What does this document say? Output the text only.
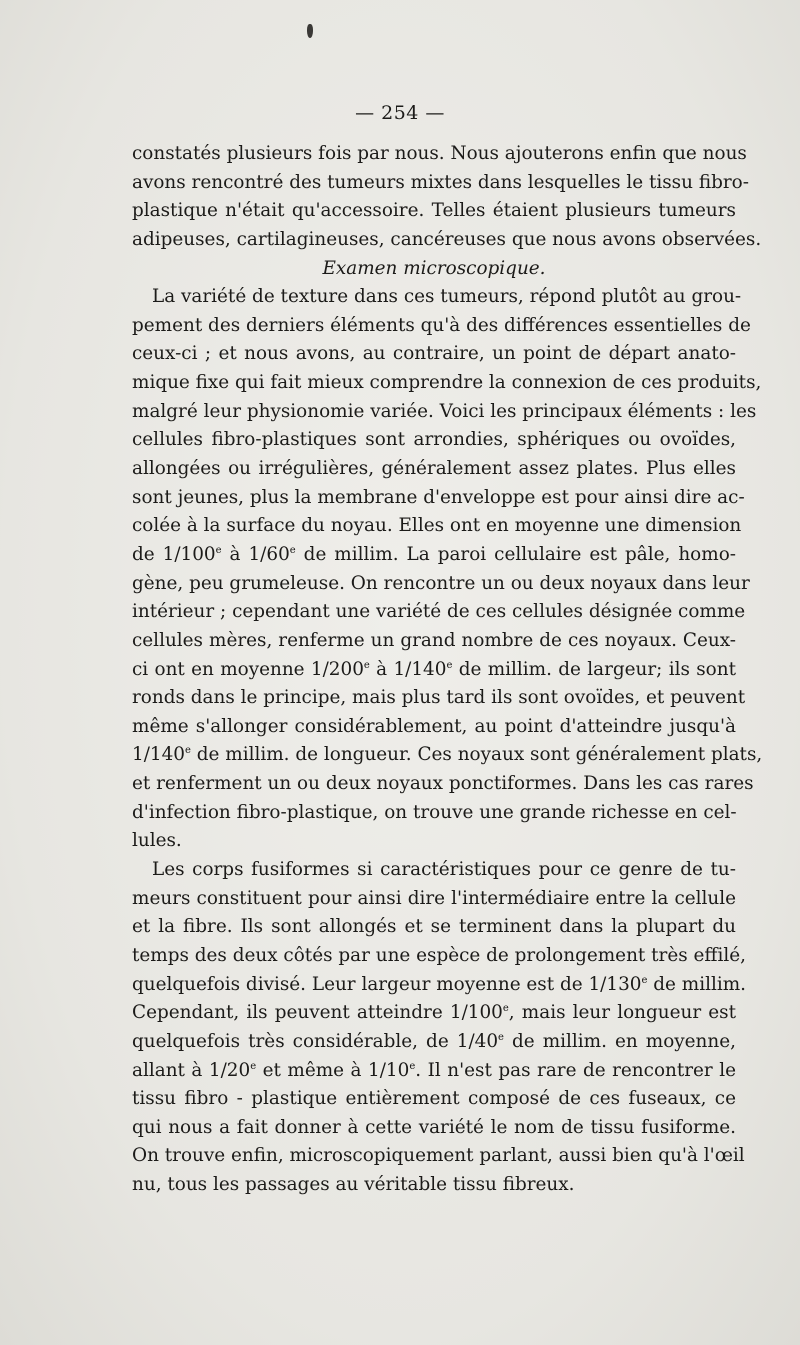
— 254 —
constatés plusieurs fois par nous. Nous ajouterons enfin que nous
avons rencontré des tumeurs mixtes dans lesquelles le tissu fibro-
plastique n'était qu'accessoire. Telles étaient plusieurs tumeurs
adipeuses, cartilagineuses, cancéreuses que nous avons observées.
Examen microscopique.
La variété de texture dans ces tumeurs, répond plutôt au grou-
pement des derniers éléments qu'à des différences essentielles de
ceux-ci ; et nous avons, au contraire, un point de départ anato-
mique fixe qui fait mieux comprendre la connexion de ces produits,
malgré leur physionomie variée. Voici les principaux éléments : les
cellules fibro-plastiques sont arrondies, sphériques ou ovoïdes,
allongées ou irrégulières, généralement assez plates. Plus elles
sont jeunes, plus la membrane d'enveloppe est pour ainsi dire ac-
colée à la surface du noyau. Elles ont en moyenne une dimension
de 1/100e à 1/60e de millim. La paroi cellulaire est pâle, homo-
gène, peu grumeleuse. On rencontre un ou deux noyaux dans leur
intérieur ; cependant une variété de ces cellules désignée comme
cellules mères, renferme un grand nombre de ces noyaux. Ceux-
ci ont en moyenne 1/200e à 1/140e de millim. de largeur; ils sont
ronds dans le principe, mais plus tard ils sont ovoïdes, et peuvent
même s'allonger considérablement, au point d'atteindre jusqu'à
1/140e de millim. de longueur. Ces noyaux sont généralement plats,
et renferment un ou deux noyaux ponctiformes. Dans les cas rares
d'infection fibro-plastique, on trouve une grande richesse en cel-
lules.
Les corps fusiformes si caractéristiques pour ce genre de tu-
meurs constituent pour ainsi dire l'intermédiaire entre la cellule
et la fibre. Ils sont allongés et se terminent dans la plupart du
temps des deux côtés par une espèce de prolongement très effilé,
quelquefois divisé. Leur largeur moyenne est de 1/130e de millim.
Cependant, ils peuvent atteindre 1/100e, mais leur longueur est
quelquefois très considérable, de 1/40e de millim. en moyenne,
allant à 1/20e et même à 1/10e. Il n'est pas rare de rencontrer le
tissu fibro - plastique entièrement composé de ces fuseaux, ce
qui nous a fait donner à cette variété le nom de tissu fusiforme.
On trouve enfin, microscopiquement parlant, aussi bien qu'à l'œil
nu, tous les passages au véritable tissu fibreux.
